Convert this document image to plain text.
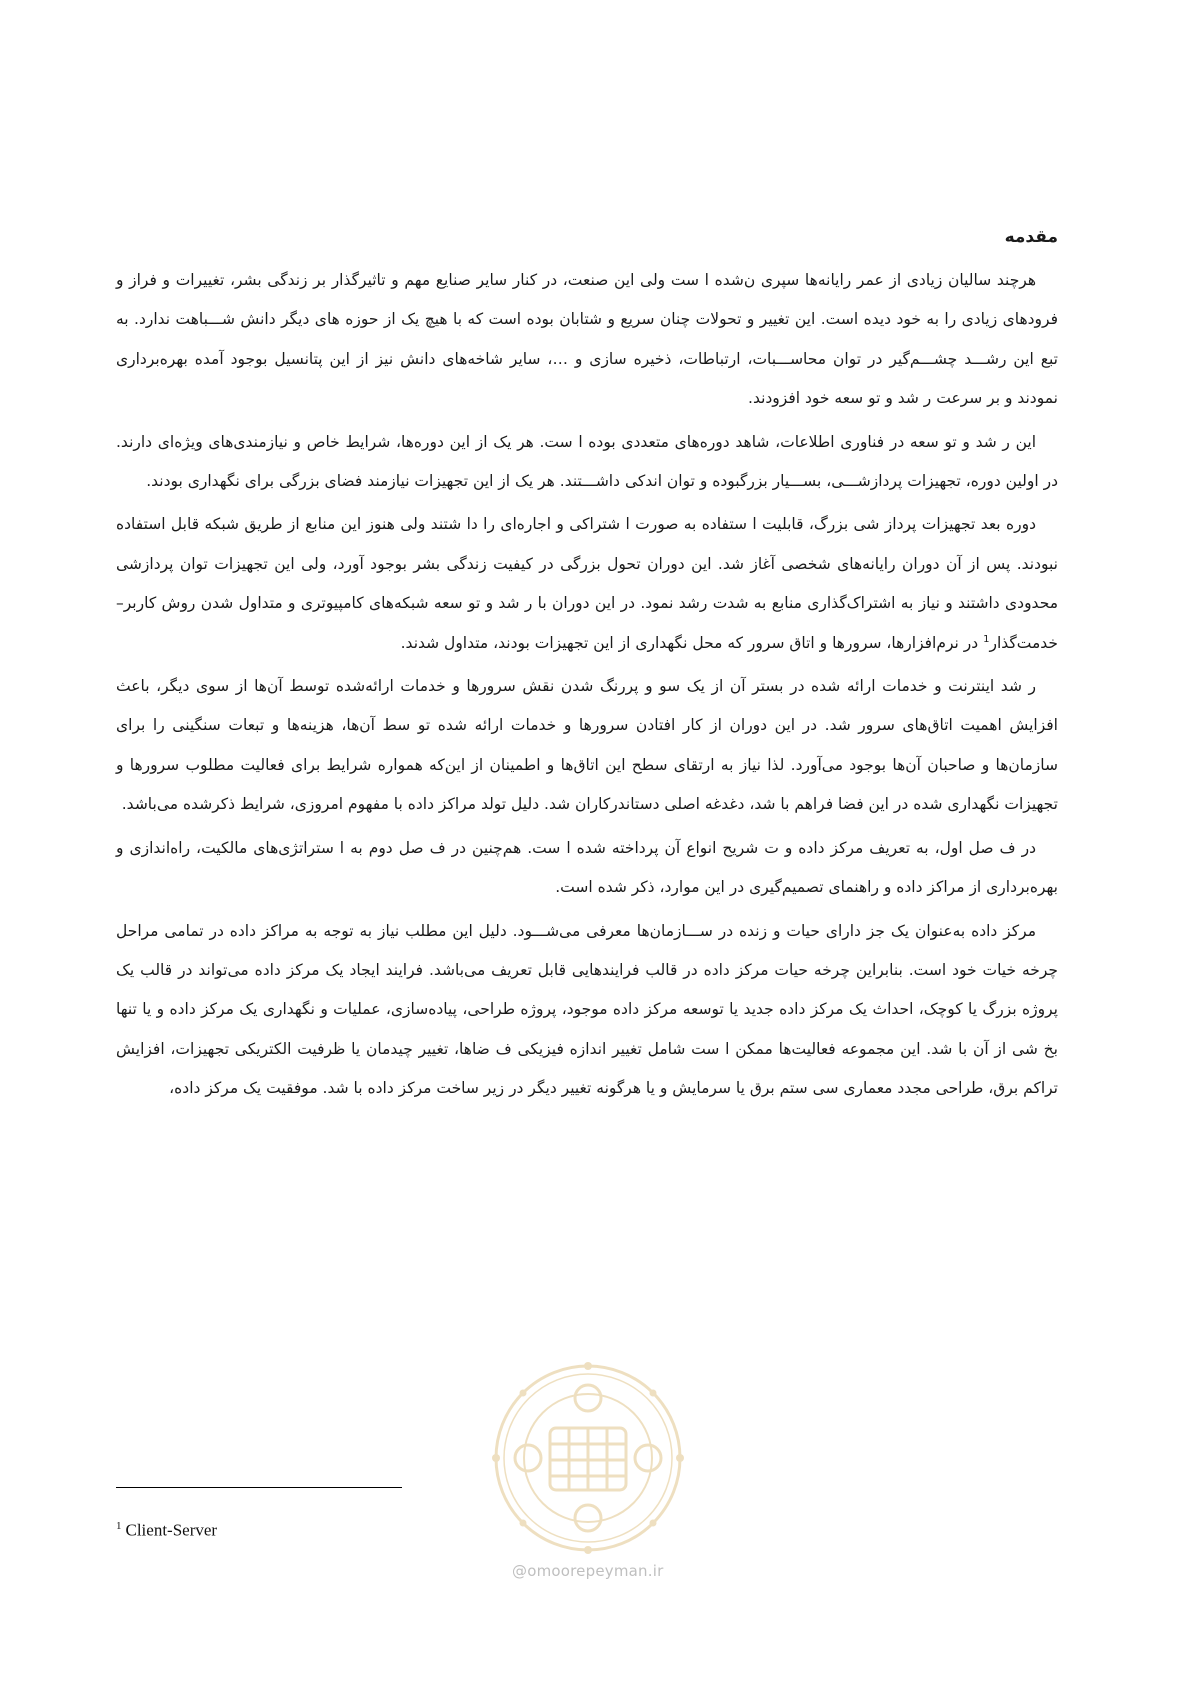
مقدمه

هرچند سالیان زیادی از عمر رایانه‌ها سپری ‌ن‌شده ا ست ولی این صنعت، در کنار سایر صنایع مهم و تاثیرگذار بر زندگی بشر، تغییرات و فراز و فرودهای زیادی را به خود دیده است. این تغییر و تحولات چنان سریع و شتابان بوده است که با هیچ یک از حوزه های دیگر دانش شـــباهت ندارد. به تبع این رشـــد چشـــم‌گیر در توان محاســـبات، ارتباطات، ذخیره سازی و …، سایر شاخه‌های دانش نیز از این پتانسیل بوجود آمده بهره‌برداری نمودند و بر سرعت ر شد و تو سعه خود افزودند.

این ر شد و تو سعه در فناوری اطلاعات، شاهد دوره‌های متعددی بوده ا ست. هر یک از این دوره‌ها، شرایط خاص و نیازمندی‌های ویژه‌ای دارند. در اولین دوره، تجهیزات پردازشـــی، بســـیار بزرگبوده و توان اندکی داشـــتند. هر یک از این تجهیزات نیازمند فضای بزرگی برای نگهداری بودند.

دوره بعد تجهیزات پرداز شی بزرگ، قابلیت ا ستفاده به صورت ا شتراکی و اجاره‌ای را دا شتند ولی هنوز این منابع از طریق شبکه قابل استفاده نبودند. پس از آن دوران رایانه‌های شخصی آغاز شد. این دوران تحول بزرگی در کیفیت زندگی بشر بوجود آورد، ولی این تجهیزات توان پردازشی محدودی داشتند و نیاز به اشتراک‌گذاری منابع به شدت رشد نمود. در این دوران با ر شد و تو سعه شبکه‌های کامپیوتری و متداول شدن روش کاربر–خدمت‌گذار$^1$ در نرم‌افزارها، سرورها و اتاق سرور که محل نگهداری از این تجهیزات بودند، متداول شدند.

ر شد اینترنت و خدمات ارائه شده در بستر آن از یک سو و پررنگ شدن نقش سرورها و خدمات ارائه‌شده توسط آن‌ها از سوی دیگر، باعث افزایش اهمیت اتاق‌های سرور شد. در این دوران از کار افتادن سرورها و خدمات ارائه شده تو سط آن‌ها، هزینه‌ها و تبعات سنگینی را برای سازمان‌ها و صاحبان آن‌ها بوجود می‌آورد. لذا نیاز به ارتقای سطح این اتاق‌ها و اطمینان از این‌که همواره شرایط برای فعالیت مطلوب سرورها و تجهیزات نگهداری شده در این فضا فراهم با شد، دغدغه اصلی دستاندرکاران شد. دلیل تولد مراکز داده با مفهوم امروزی، شرایط ذکرشده می‌باشد.

در ف صل اول، به تعریف مرکز داده و ت شریح انواع آن پرداخته شده ا ست. هم‌چنین در ف صل دوم به ا ستراتژی‌های مالکیت، راه‌اندازی و بهره‌برداری از مراکز داده و راهنمای تصمیم‌گیری در این موارد، ذکر شده است.

مرکز داده به‌عنوان یک جز دارای حیات و زنده در ســـازمان‌ها معرفی می‌شـــود. دلیل این مطلب نیاز به توجه به مراکز داده در تمامی مراحل چرخه خیات خود است. بنابراین چرخه حیات مرکز داده در قالب فرایندهایی قابل تعریف می‌باشد. فرایند ایجاد یک مرکز داده می‌تواند در قالب یک پروژه بزرگ یا کوچک، احداث یک مرکز داده جدید یا توسعه مرکز داده موجود، پروژه طراحی، پیاده‌سازی، عملیات و نگهداری یک مرکز داده و یا تنها بخ شی از آن با شد. این مجموعه فعالیت‌ها ممکن ا ست شامل تغییر اندازه فیزیکی ف ضاها، تغییر چیدمان یا ظرفیت الکتریکی تجهیزات، افزایش تراکم برق، طراحی مجدد معماری سی ستم برق یا سرمایش و یا هرگونه تغییر دیگر در زیر ساخت مرکز داده با شد. موفقیت یک مرکز داده،

$^1$ Client-Server
@omoorepeyman.ir
